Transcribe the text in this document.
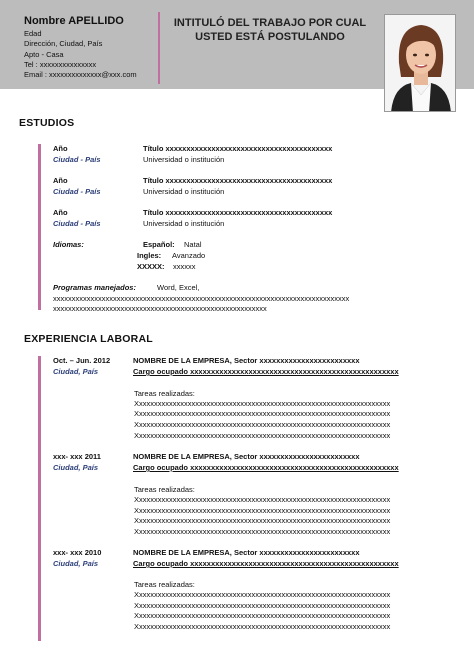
Nombre APELLIDO
Edad
Dirección, Ciudad, País
Apto - Casa
Tel : xxxxxxxxxxxxxxx
Email : xxxxxxxxxxxxxx@xxx.com
INTITULÓ DEL TRABAJO POR CUAL
USTED ESTÁ POSTULANDO
ESTUDIOS
Año
Ciudad - País
Título xxxxxxxxxxxxxxxxxxxxxxxxxxxxxxxxxxxxxxxx
Universidad o institución
Año
Ciudad - País
Título xxxxxxxxxxxxxxxxxxxxxxxxxxxxxxxxxxxxxxxx
Universidad o institución
Año
Ciudad - País
Título xxxxxxxxxxxxxxxxxxxxxxxxxxxxxxxxxxxxxxxx
Universidad o institución
Idiomas:	Español: Natal
Ingles: Avanzado
XXXXX: xxxxxx
Programas manejados:	Word, Excel,
xxxxxxxxxxxxxxxxxxxxxxxxxxxxxxxxxxxxxxxxxxxxxxxxxxxxxxxxxxxxxxxxxxxxxxxxxxxxxxx
xxxxxxxxxxxxxxxxxxxxxxxxxxxxxxxxxxxxxxxxxxxxxxxxxxxxxxxxx
EXPERIENCIA LABORAL
Oct. – Jun. 2012
Ciudad, País
NOMBRE DE LA EMPRESA, Sector xxxxxxxxxxxxxxxxxxxxxxxx
Cargo ocupado xxxxxxxxxxxxxxxxxxxxxxxxxxxxxxxxxxxxxxxxxxxxxxxxxx
Tareas realizadas:
Xxxxxxxxxxxxxxxxxxxxxxxxxxxxxxxxxxxxxxxxxxxxxxxxxxxxxxxxxxxxxxxxxxxx
Xxxxxxxxxxxxxxxxxxxxxxxxxxxxxxxxxxxxxxxxxxxxxxxxxxxxxxxxxxxxxxxxxxxx
Xxxxxxxxxxxxxxxxxxxxxxxxxxxxxxxxxxxxxxxxxxxxxxxxxxxxxxxxxxxxxxxxxxxx
Xxxxxxxxxxxxxxxxxxxxxxxxxxxxxxxxxxxxxxxxxxxxxxxxxxxxxxxxxxxxxxxxxxxx
xxx- xxx 2011
Ciudad, País
NOMBRE DE LA EMPRESA, Sector xxxxxxxxxxxxxxxxxxxxxxxx
Cargo ocupado xxxxxxxxxxxxxxxxxxxxxxxxxxxxxxxxxxxxxxxxxxxxxxxxxx
Tareas realizadas:
Xxxxxxxxxxxxxxxxxxxxxxxxxxxxxxxxxxxxxxxxxxxxxxxxxxxxxxxxxxxxxxxxxxxx
Xxxxxxxxxxxxxxxxxxxxxxxxxxxxxxxxxxxxxxxxxxxxxxxxxxxxxxxxxxxxxxxxxxxx
Xxxxxxxxxxxxxxxxxxxxxxxxxxxxxxxxxxxxxxxxxxxxxxxxxxxxxxxxxxxxxxxxxxxx
Xxxxxxxxxxxxxxxxxxxxxxxxxxxxxxxxxxxxxxxxxxxxxxxxxxxxxxxxxxxxxxxxxxxx
xxx- xxx 2010
Ciudad, País
NOMBRE DE LA EMPRESA, Sector xxxxxxxxxxxxxxxxxxxxxxxx
Cargo ocupado xxxxxxxxxxxxxxxxxxxxxxxxxxxxxxxxxxxxxxxxxxxxxxxxxx
Tareas realizadas:
Xxxxxxxxxxxxxxxxxxxxxxxxxxxxxxxxxxxxxxxxxxxxxxxxxxxxxxxxxxxxxxxxxxxx
Xxxxxxxxxxxxxxxxxxxxxxxxxxxxxxxxxxxxxxxxxxxxxxxxxxxxxxxxxxxxxxxxxxxx
Xxxxxxxxxxxxxxxxxxxxxxxxxxxxxxxxxxxxxxxxxxxxxxxxxxxxxxxxxxxxxxxxxxxx
Xxxxxxxxxxxxxxxxxxxxxxxxxxxxxxxxxxxxxxxxxxxxxxxxxxxxxxxxxxxxxxxxxxxx
